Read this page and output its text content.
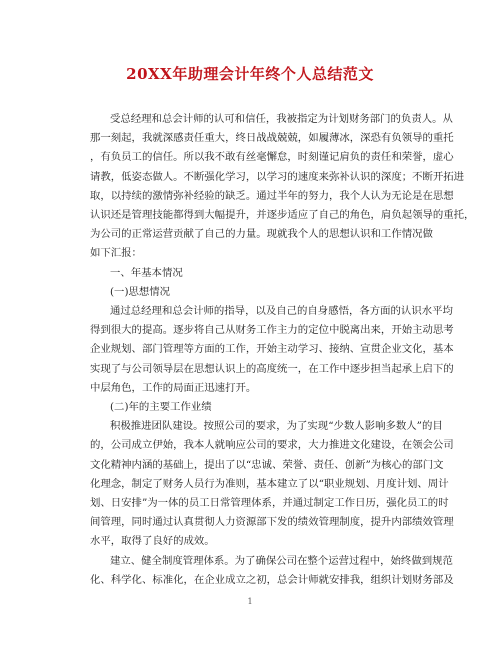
20XX年助理会计年终个人总结范文
受总经理和总会计师的认可和信任，我被指定为计划财务部门的负责人。从
那一刻起，我就深感责任重大，终日战战兢兢，如履薄冰，深恐有负领导的重托
，有负员工的信任。所以我不敢有丝毫懈怠，时刻谨记肩负的责任和荣誉，虚心
请教，低姿态做人。不断强化学习，以学习的速度来弥补认识的深度；不断开拓进
取，以持续的激情弥补经验的缺乏。通过半年的努力，我个人认为无论是在思想
认识还是管理技能都得到大幅提升，并逐步适应了自己的角色，肩负起领导的重托，
为公司的正常运营贡献了自己的力量。现就我个人的思想认识和工作情况做
如下汇报：
一、年基本情况
(一)思想情况
通过总经理和总会计师的指导，以及自己的自身感悟，各方面的认识水平均
得到很大的提高。逐步将自己从财务工作主力的定位中脱离出来，开始主动思考
企业规划、部门管理等方面的工作，开始主动学习、接纳、宣贯企业文化，基本
实现了与公司领导层在思想认识上的高度统一，在工作中逐步担当起承上启下的
中层角色，工作的局面正迅速打开。
(二)年的主要工作业绩
积极推进团队建设。按照公司的要求，为了实现“少数人影响多数人”的目
的，公司成立伊始，我本人就响应公司的要求，大力推进文化建设，在领会公司
文化精神内涵的基础上，提出了以“忠诚、荣誉、责任、创新”为核心的部门文
化理念，制定了财务人员行为准则，基本建立了以“职业规划、月度计划、周计
划、日安排”为一体的员工日常管理体系，并通过制定工作日历，强化员工的时
间管理，同时通过认真贯彻人力资源部下发的绩效管理制度，提升内部绩效管理
水平，取得了良好的成效。
建立、健全制度管理体系。为了确保公司在整个运营过程中，始终做到规范
化、科学化、标准化，在企业成立之初，总会计师就安排我，组织计划财务部及
1
